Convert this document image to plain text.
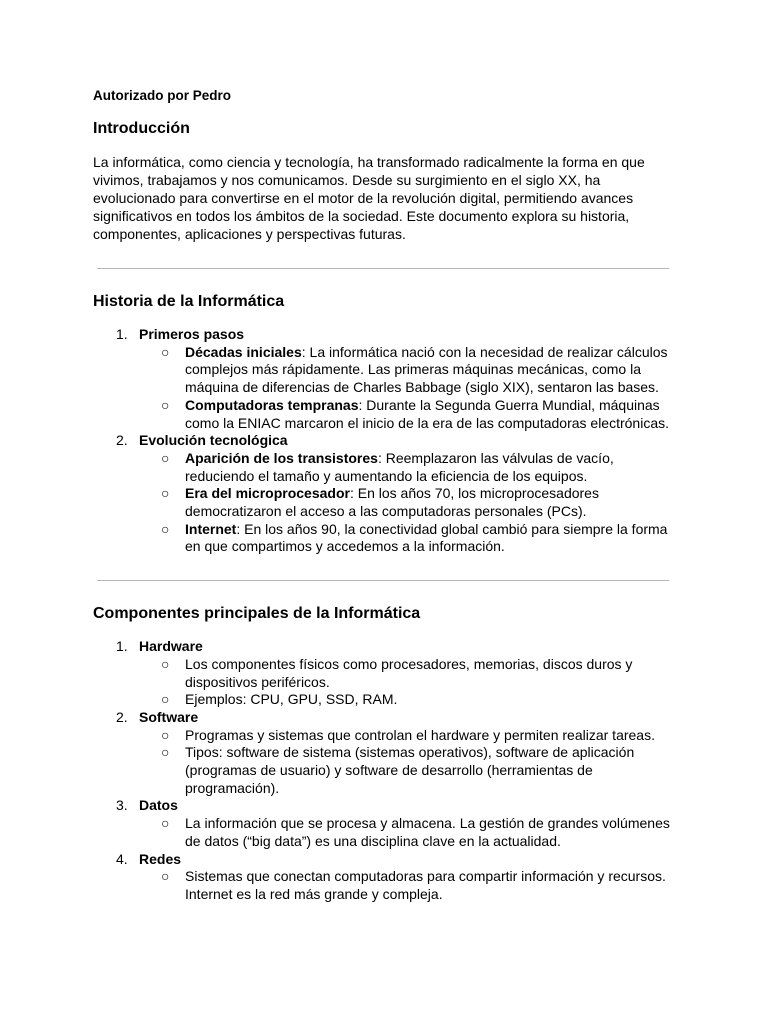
Autorizado por Pedro
Introducción

La informática, como ciencia y tecnología, ha transformado radicalmente la forma en que vivimos, trabajamos y nos comunicamos. Desde su surgimiento en el siglo XX, ha evolucionado para convertirse en el motor de la revolución digital, permitiendo avances significativos en todos los ámbitos de la sociedad. Este documento explora su historia, componentes, aplicaciones y perspectivas futuras.

Historia de la Informática
1. Primeros pasos
○ Décadas iniciales: La informática nació con la necesidad de realizar cálculos complejos más rápidamente. Las primeras máquinas mecánicas, como la máquina de diferencias de Charles Babbage (siglo XIX), sentaron las bases.
○ Computadoras tempranas: Durante la Segunda Guerra Mundial, máquinas como la ENIAC marcaron el inicio de la era de las computadoras electrónicas.
2. Evolución tecnológica
○ Aparición de los transistores: Reemplazaron las válvulas de vacío, reduciendo el tamaño y aumentando la eficiencia de los equipos.
○ Era del microprocesador: En los años 70, los microprocesadores democratizaron el acceso a las computadoras personales (PCs).
○ Internet: En los años 90, la conectividad global cambió para siempre la forma en que compartimos y accedemos a la información.
Componentes principales de la Informática
1. Hardware
○ Los componentes físicos como procesadores, memorias, discos duros y dispositivos periféricos.
○ Ejemplos: CPU, GPU, SSD, RAM.
2. Software
○ Programas y sistemas que controlan el hardware y permiten realizar tareas.
○ Tipos: software de sistema (sistemas operativos), software de aplicación (programas de usuario) y software de desarrollo (herramientas de programación).
3. Datos
○ La información que se procesa y almacena. La gestión de grandes volúmenes de datos (“big data”) es una disciplina clave en la actualidad.
4. Redes
○ Sistemas que conectan computadoras para compartir información y recursos. Internet es la red más grande y compleja.
